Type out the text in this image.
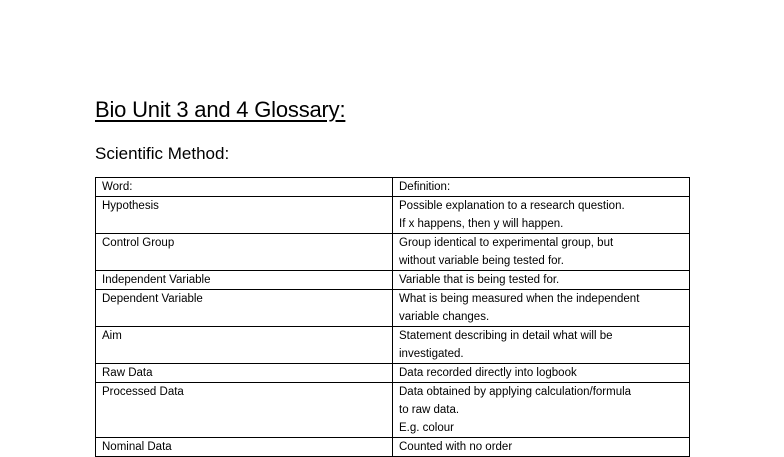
Bio Unit 3 and 4 Glossary:
Scientific Method:
Word:	Definition:
Hypothesis	Possible explanation to a research question.
If x happens, then y will happen.

Control Group	Group identical to experimental group, but
without variable being tested for.

Independent Variable	Variable that is being tested for.

Dependent Variable	What is being measured when the independent
variable changes.

Aim	Statement describing in detail what will be
investigated.

Raw Data	Data recorded directly into logbook

Processed Data	Data obtained by applying calculation/formula
to raw data.
E.g. colour

Nominal Data	Counted with no order
